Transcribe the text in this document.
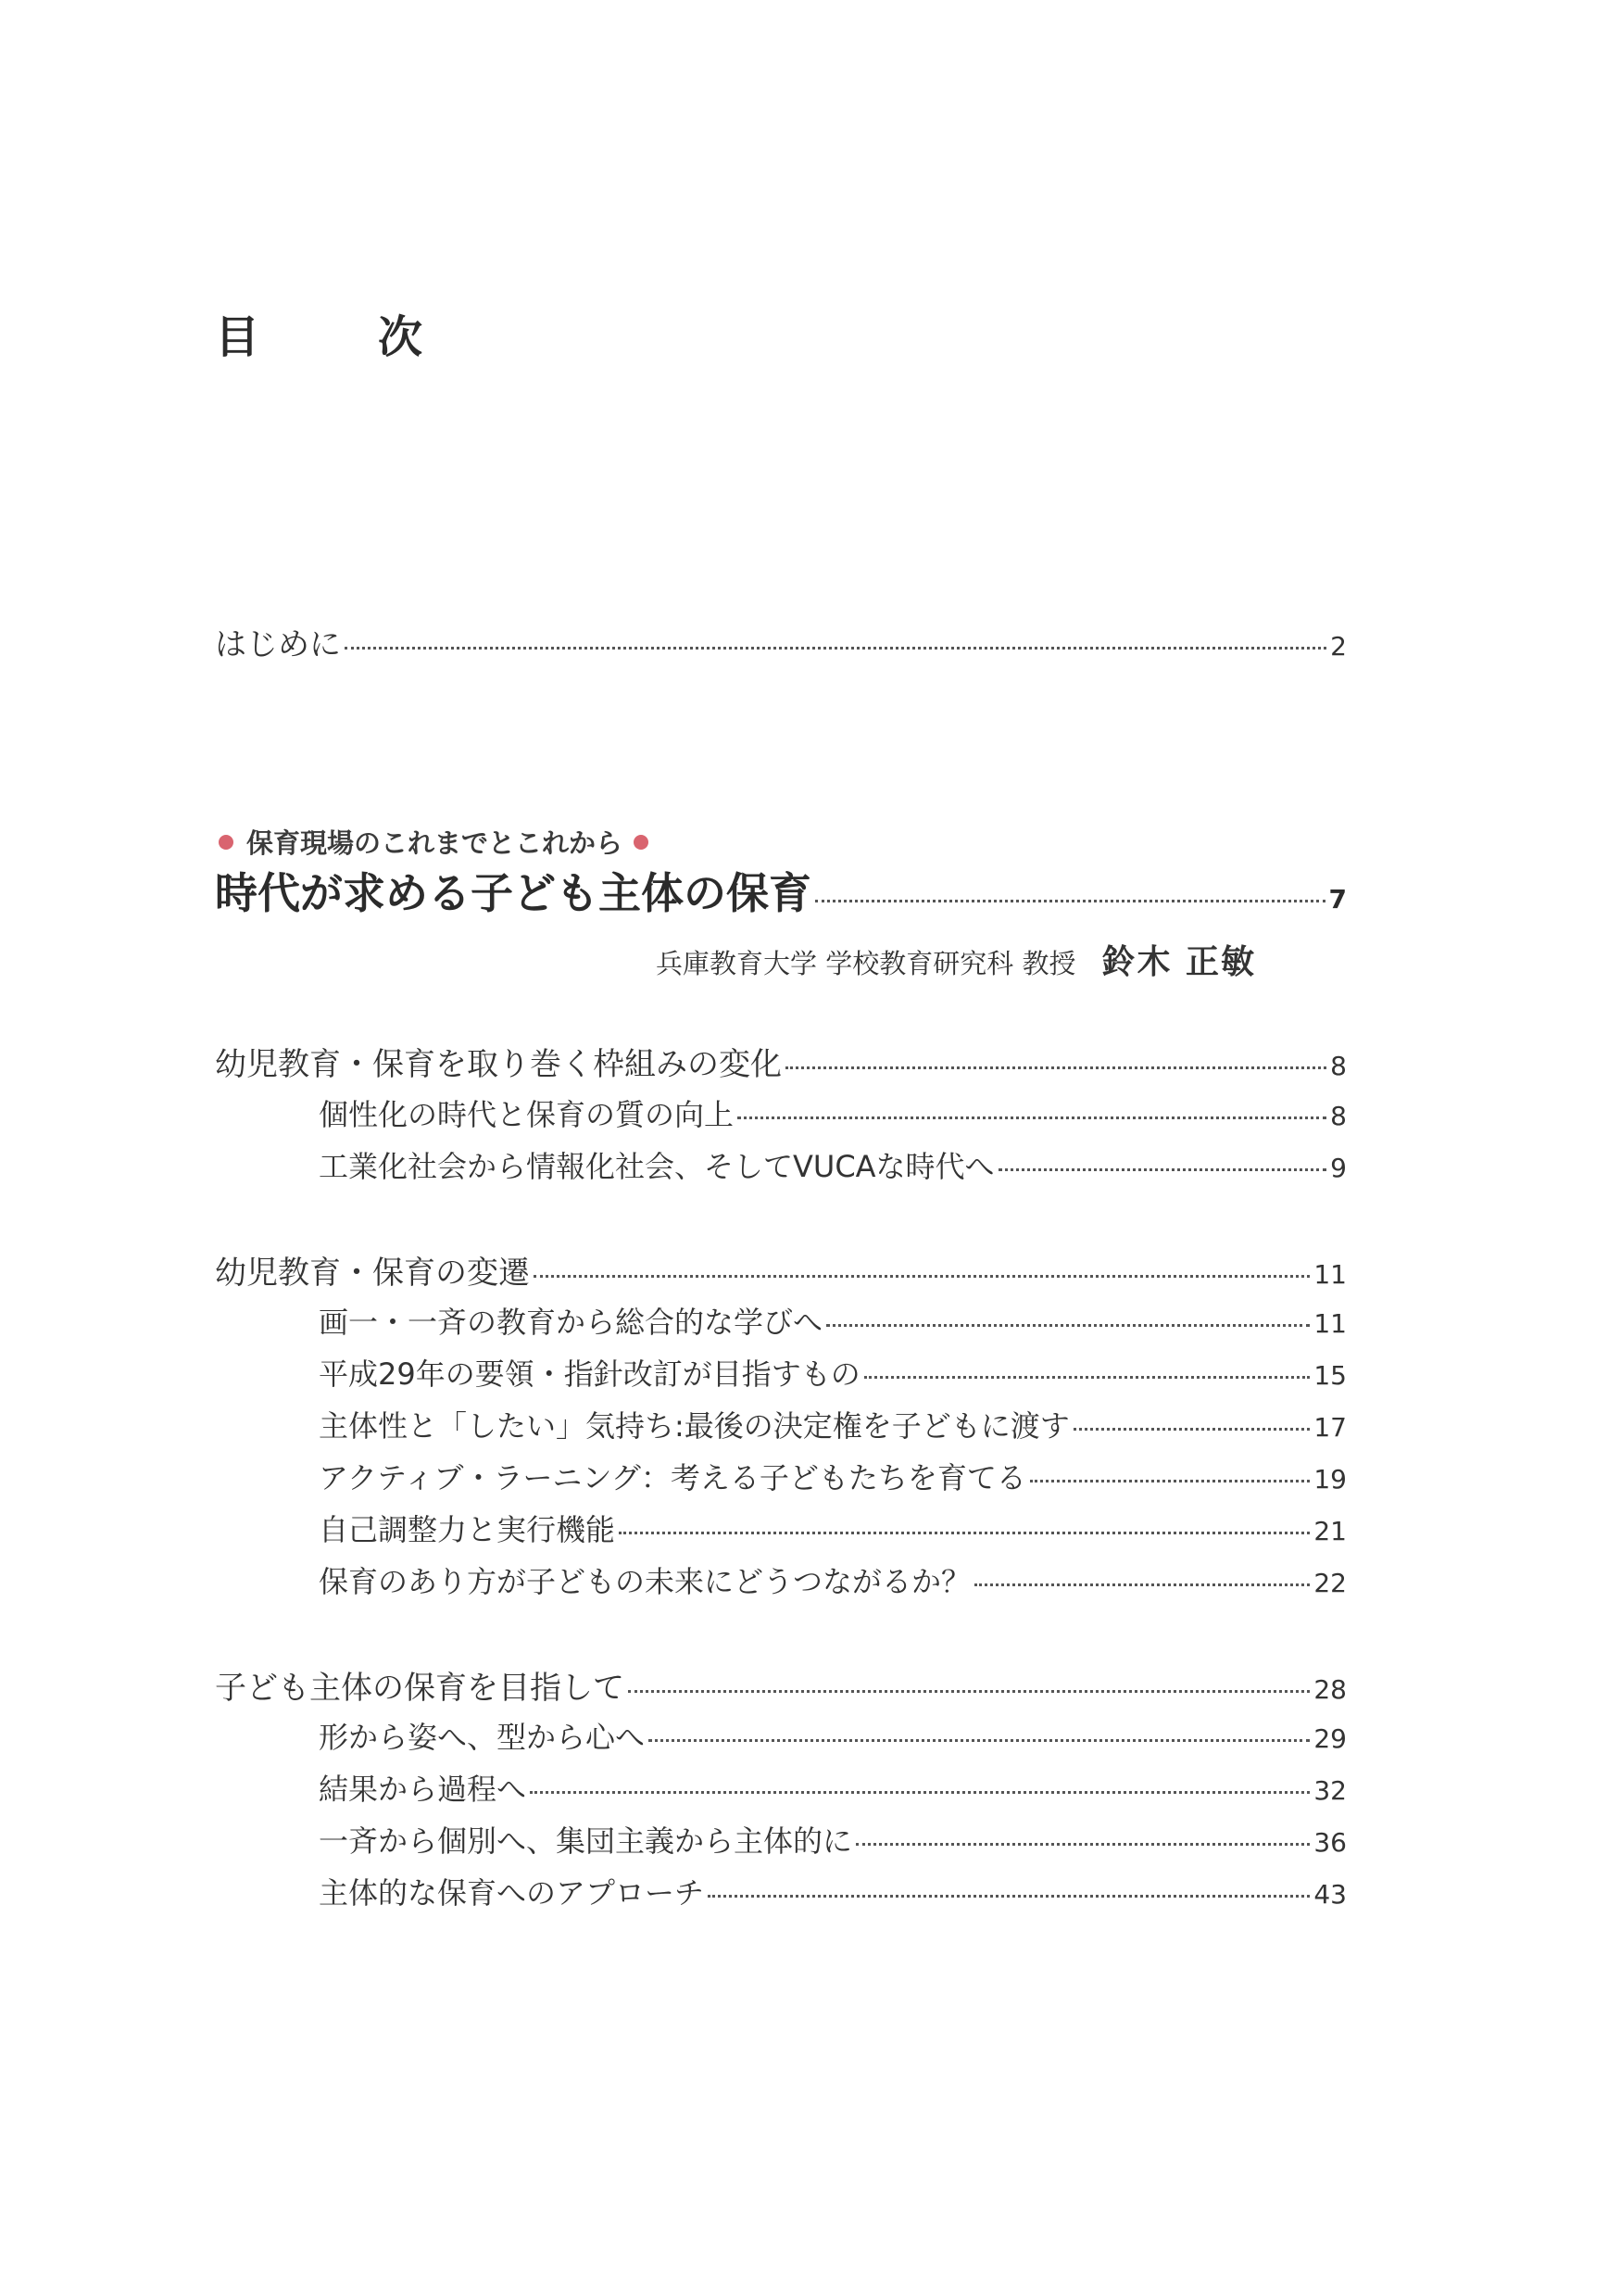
目　次
はじめに	2
保育現場のこれまでとこれから
時代が求める子ども主体の保育	7
兵庫教育大学 学校教育研究科 教授 鈴木 正敏
幼児教育・保育を取り巻く枠組みの変化	8
個性化の時代と保育の質の向上	8
工業化社会から情報化社会、そしてVUCAな時代へ	9
幼児教育・保育の変遷	11
画一・一斉の教育から総合的な学びへ	11
平成29年の要領・指針改訂が目指すもの	15
主体性と「したい」気持ち:最後の決定権を子どもに渡す	17
アクティブ・ラーニング：考える子どもたちを育てる	19
自己調整力と実行機能	21
保育のあり方が子どもの未来にどうつながるか？	22
子ども主体の保育を目指して	28
形から姿へ、型から心へ	29
結果から過程へ	32
一斉から個別へ、集団主義から主体的に	36
主体的な保育へのアプローチ	43
